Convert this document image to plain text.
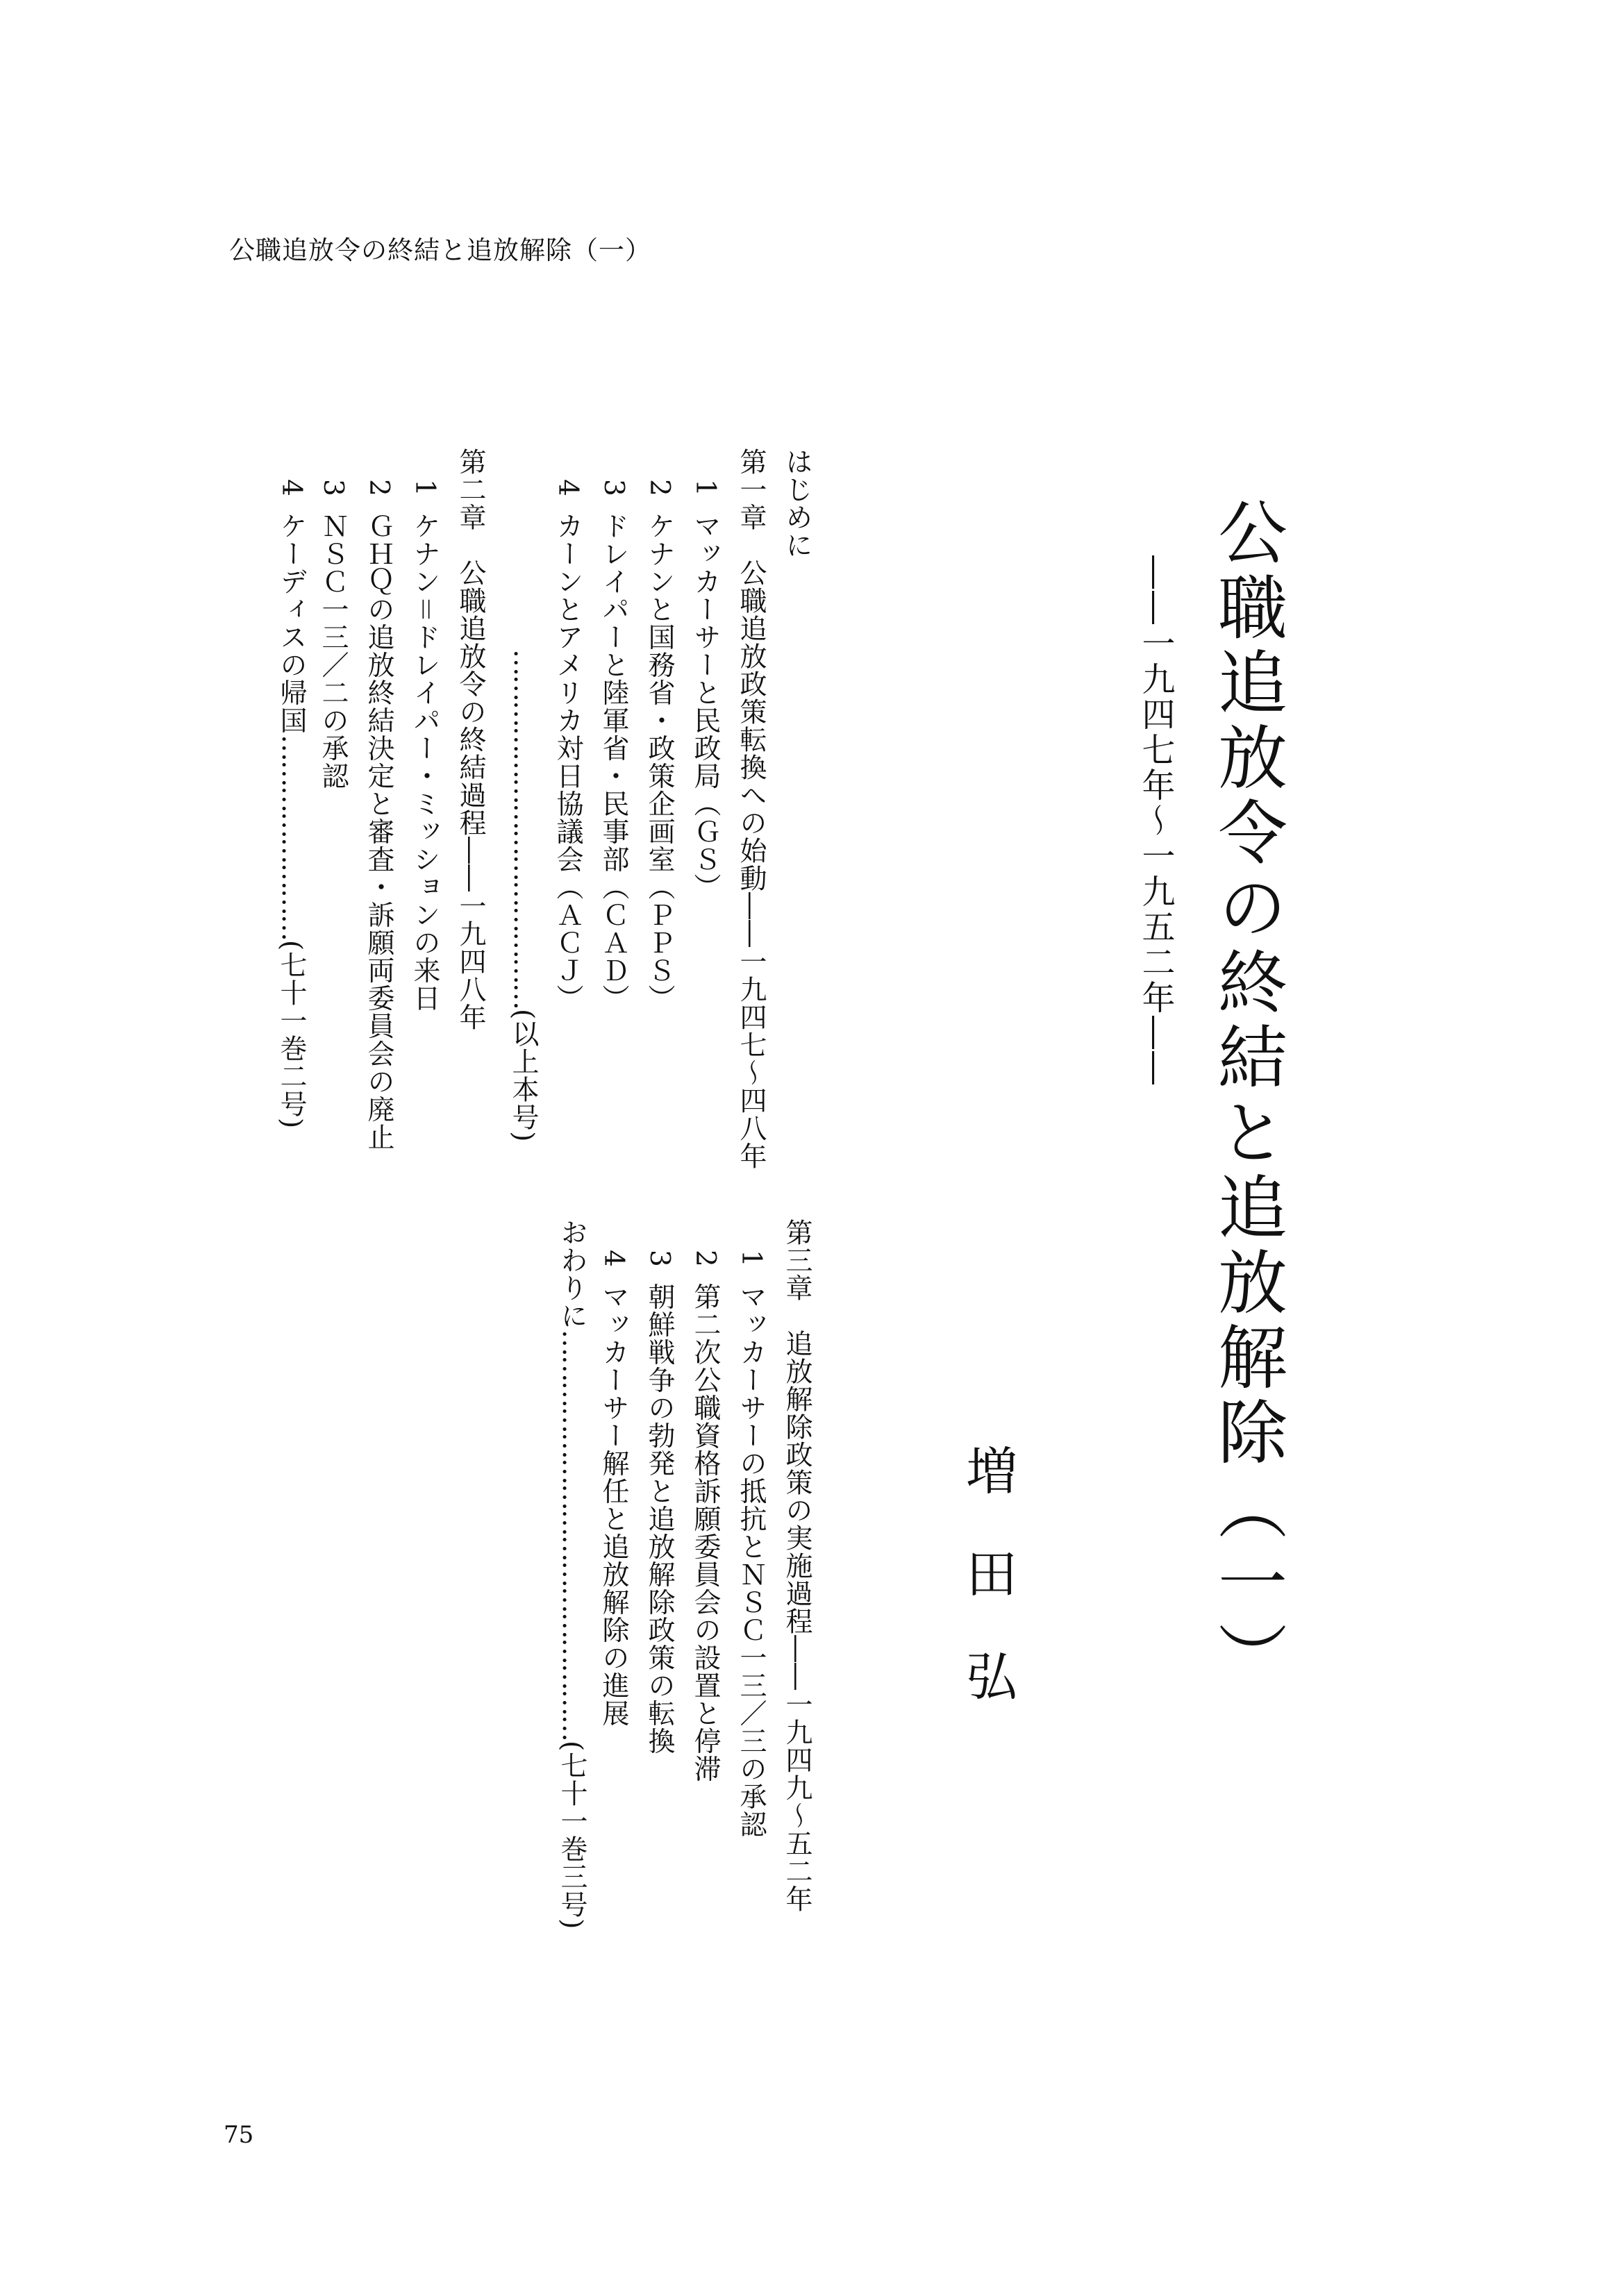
公職追放令の終結と追放解除（一）
公職追放令の終結と追放解除（一）
――一九四七年〜一九五二年――
増　田　弘
はじめに
第一章　公職追放政策転換への始動――一九四七〜四八年
1マッカーサーと民政局（ＧＳ）
2ケナンと国務省・政策企画室（ＰＰＳ）
3ドレイパーと陸軍省・民事部（ＣＡＤ）
4カーンとアメリカ対日協議会（ＡＣＪ）
……………………………………(以上本号)
第二章　公職追放令の終結過程――一九四八年
1ケナン＝ドレイパー・ミッションの来日
2ＧＨＱの追放終結決定と審査・訴願両委員会の廃止
3ＮＳＣ一三／二の承認
4ケーディスの帰国……………………(七十一巻二号)
第三章　追放解除政策の実施過程――一九四九〜五二年
1マッカーサーの抵抗とＮＳＣ一三／三の承認
2第二次公職資格訴願委員会の設置と停滞
3朝鮮戦争の勃発と追放解除政策の転換
4マッカーサー解任と追放解除の進展
おわりに…………………………………………(七十一巻三号)
75
